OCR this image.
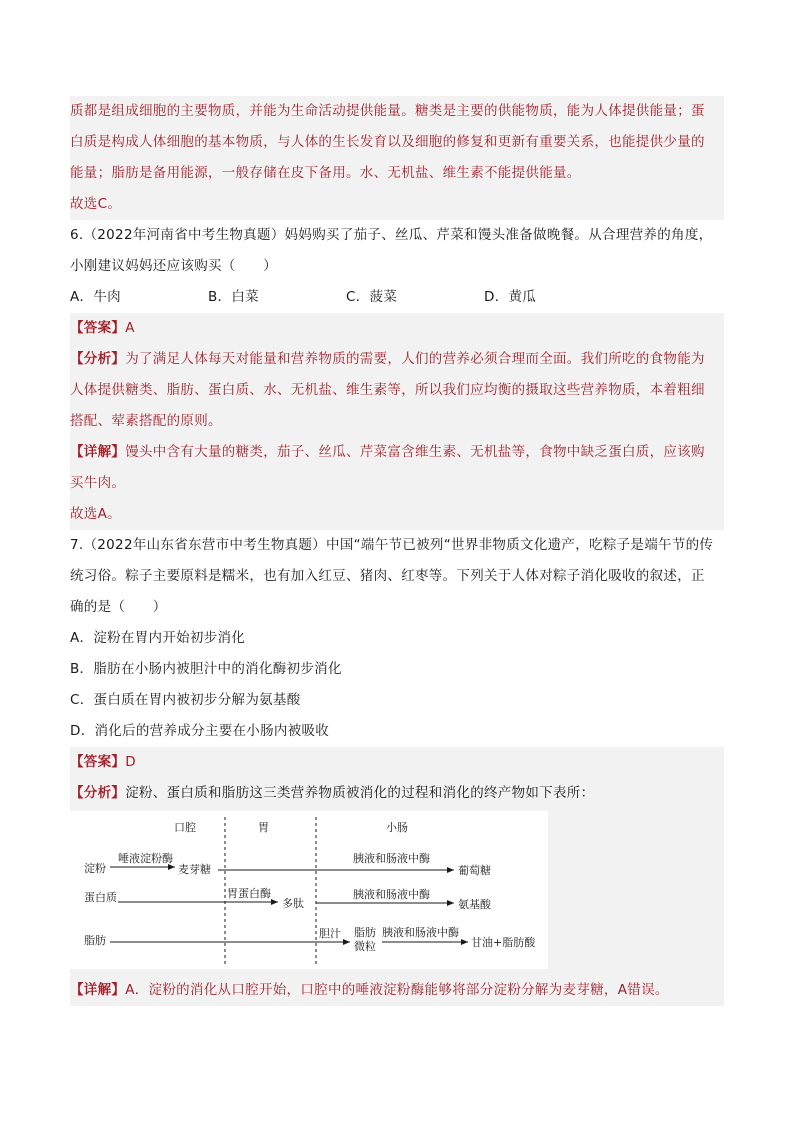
质都是组成细胞的主要物质，并能为生命活动提供能量。糖类是主要的供能物质，能为人体提供能量；蛋
白质是构成人体细胞的基本物质，与人体的生长发育以及细胞的修复和更新有重要关系，也能提供少量的
能量；脂肪是备用能源，一般存储在皮下备用。水、无机盐、维生素不能提供能量。
故选C。
6.（2022年河南省中考生物真题）妈妈购买了茄子、丝瓜、芹菜和馒头准备做晚餐。从合理营养的角度，
小刚建议妈妈还应该购买（　　）
A．牛肉	B．白菜	C．菠菜	D．黄瓜
【答案】A
【分析】为了满足人体每天对能量和营养物质的需要，人们的营养必须合理而全面。我们所吃的食物能为
人体提供糖类、脂肪、蛋白质、水、无机盐、维生素等，所以我们应均衡的摄取这些营养物质，本着粗细
搭配、荤素搭配的原则。
【详解】馒头中含有大量的糖类，茄子、丝瓜、芹菜富含维生素、无机盐等，食物中缺乏蛋白质，应该购
买牛肉。
故选A。
7.（2022年山东省东营市中考生物真题）中国“端午节已被列“世界非物质文化遗产，吃粽子是端午节的传
统习俗。粽子主要原料是糯米，也有加入红豆、猪肉、红枣等。下列关于人体对粽子消化吸收的叙述，正
确的是（　　）
A．淀粉在胃内开始初步消化
B．脂肪在小肠内被胆汁中的消化酶初步消化
C．蛋白质在胃内被初步分解为氨基酸
D．消化后的营养成分主要在小肠内被吸收
【答案】D
【分析】淀粉、蛋白质和脂肪这三类营养物质被消化的过程和消化的终产物如下表所：
口腔	胃	小肠
淀粉
蛋白质
脂肪
唾液淀粉酶
麦芽糖
胰液和肠液中酶
葡萄糖
胃蛋白酶
多肽
胰液和肠液中酶
氨基酸
胆汁 脂肪
微粒
胰液和肠液中酶
甘油+脂肪酸
【详解】A．淀粉的消化从口腔开始，口腔中的唾液淀粉酶能够将部分淀粉分解为麦芽糖，A错误。
